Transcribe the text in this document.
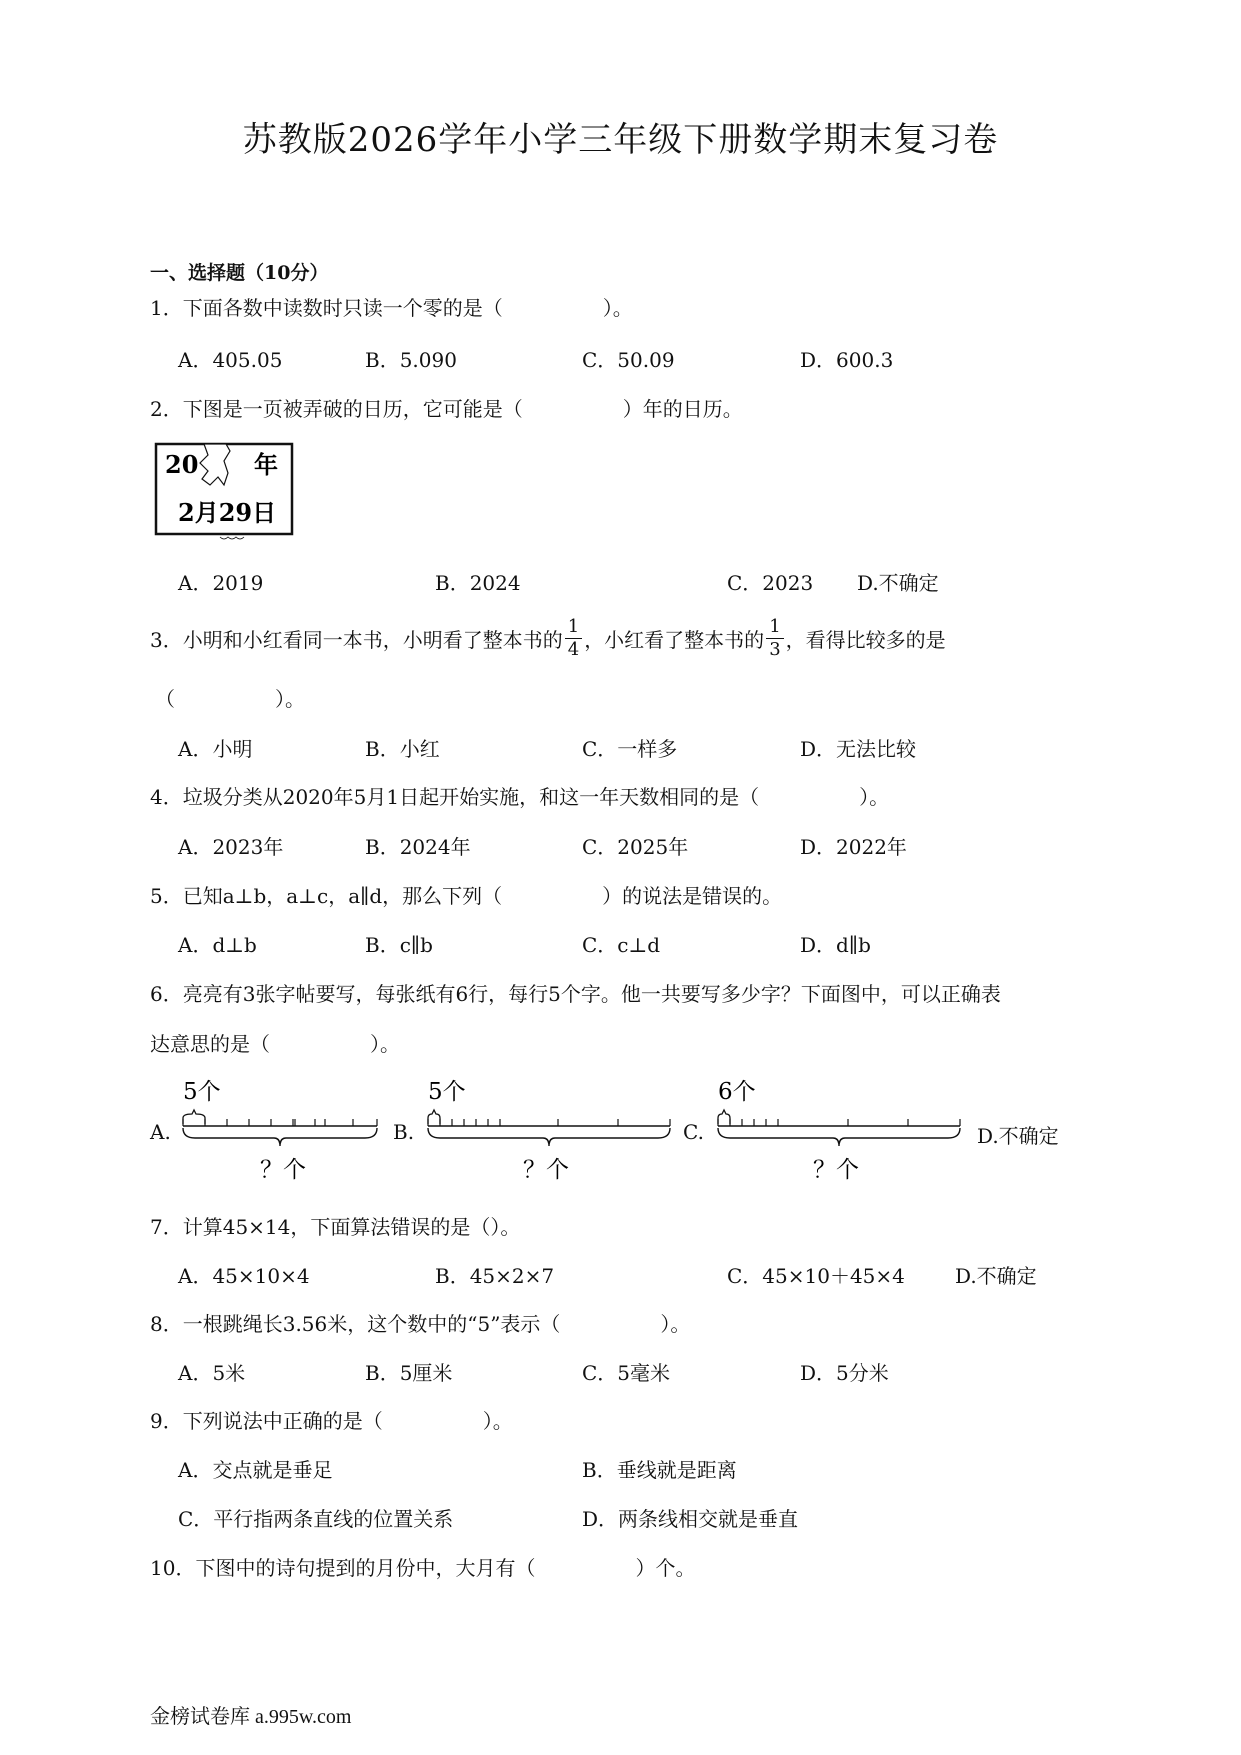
苏教版2026学年小学三年级下册数学期末复习卷
一、选择题（10分）
1．下面各数中读数时只读一个零的是（　　　　　）。
A．405.05	B．5.090	C．50.09	D．600.3
2．下图是一页被弄破的日历，它可能是（　　　　　）年的日历。
20 年
2月29日
A．2019	B．2024	C．2023 D.不确定
3．小明和小红看同一本书，小明看了整本书的 $\frac{1}{4}$ ，小红看了整本书的 $\frac{1}{3}$ ，看得比较多的是
（　　　　　）。
A．小明	B．小红	C．一样多	D．无法比较
4．垃圾分类从2020年5月1日起开始实施，和这一年天数相同的是（　　　　　）。
A．2023年	B．2024年	C．2025年	D．2022年
5．已知a⊥b，a⊥c，a∥d，那么下列（　　　　　）的说法是错误的。
A．d⊥b	B．c∥b	C．c⊥d	D．d∥b
6．亮亮有3张字帖要写，每张纸有6行，每行5个字。他一共要写多少字？下面图中，可以正确表
达意思的是（　　　　　）。
A.
5个
？个
B.
5个
？个
C.
6个
？个
D.不确定
7．计算45×14，下面算法错误的是（）。
A．45×10×4	B．45×2×7	C．45×10＋45×4	D.不确定
8．一根跳绳长3.56米，这个数中的“5”表示（　　　　　）。
A．5米	B．5厘米	C．5毫米	D．5分米
9．下列说法中正确的是（　　　　　）。
A．交点就是垂足	B．垂线就是距离
C．平行指两条直线的位置关系	D．两条线相交就是垂直
10．下图中的诗句提到的月份中，大月有（　　　　　）个。
金榜试卷库 a.995w.com
